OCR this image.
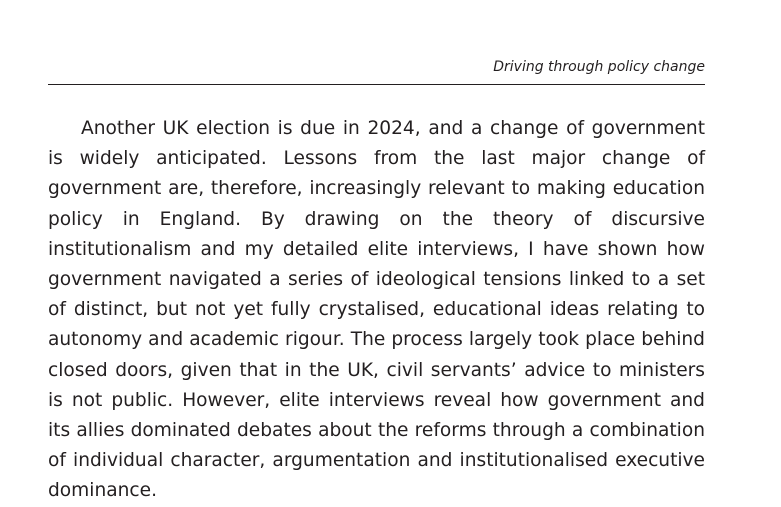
Driving through policy change

Another UK election is due in 2024, and a change of government is widely anticipated. Lessons from the last major change of government are, therefore, increasingly relevant to making education policy in England. By drawing on the theory of discursive institutionalism and my detailed elite interviews, I have shown how government navigated a series of ideological tensions linked to a set of distinct, but not yet fully crystalised, educational ideas relating to autonomy and academic rigour. The process largely took place behind closed doors, given that in the UK, civil servants’ advice to ministers is not public. However, elite interviews reveal how government and its allies dominated debates about the reforms through a combination of individual character, argumentation and institutionalised executive dominance.
